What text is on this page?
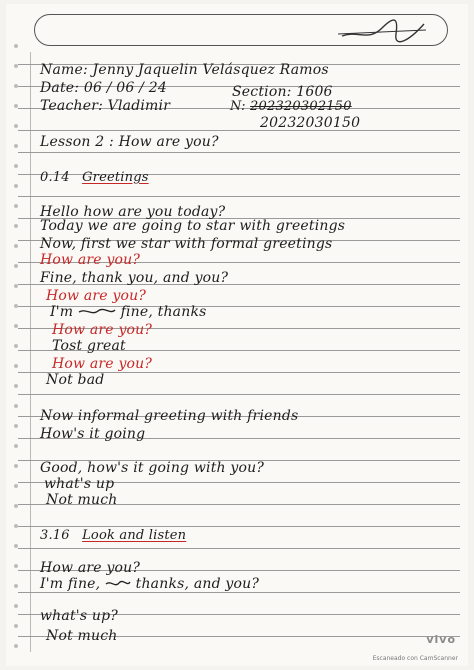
Name: Jenny Jaquelin Velásquez Ramos
Date: 06 / 06 / 24	Section: 1606
Teacher: Vladimir	N: 202320302150
20232030150
Lesson 2 : How are you?
0.14 Greetings
Hello how are you today?
Today we are going to star with greetings
Now, first we star with formal greetings
How are you?
Fine, thank you, and you?
How are you?
I'm	fine, thanks
How are you?
Tost great
How are you?
Not bad
Now informal greeting with friends
How's it going
Good, how's it going with you?
what's up
Not much
3.16 Look and listen
How are you?
I'm fine,	thanks, and you?
what's up?
Not much	vivo
Escaneado con CamScanner
